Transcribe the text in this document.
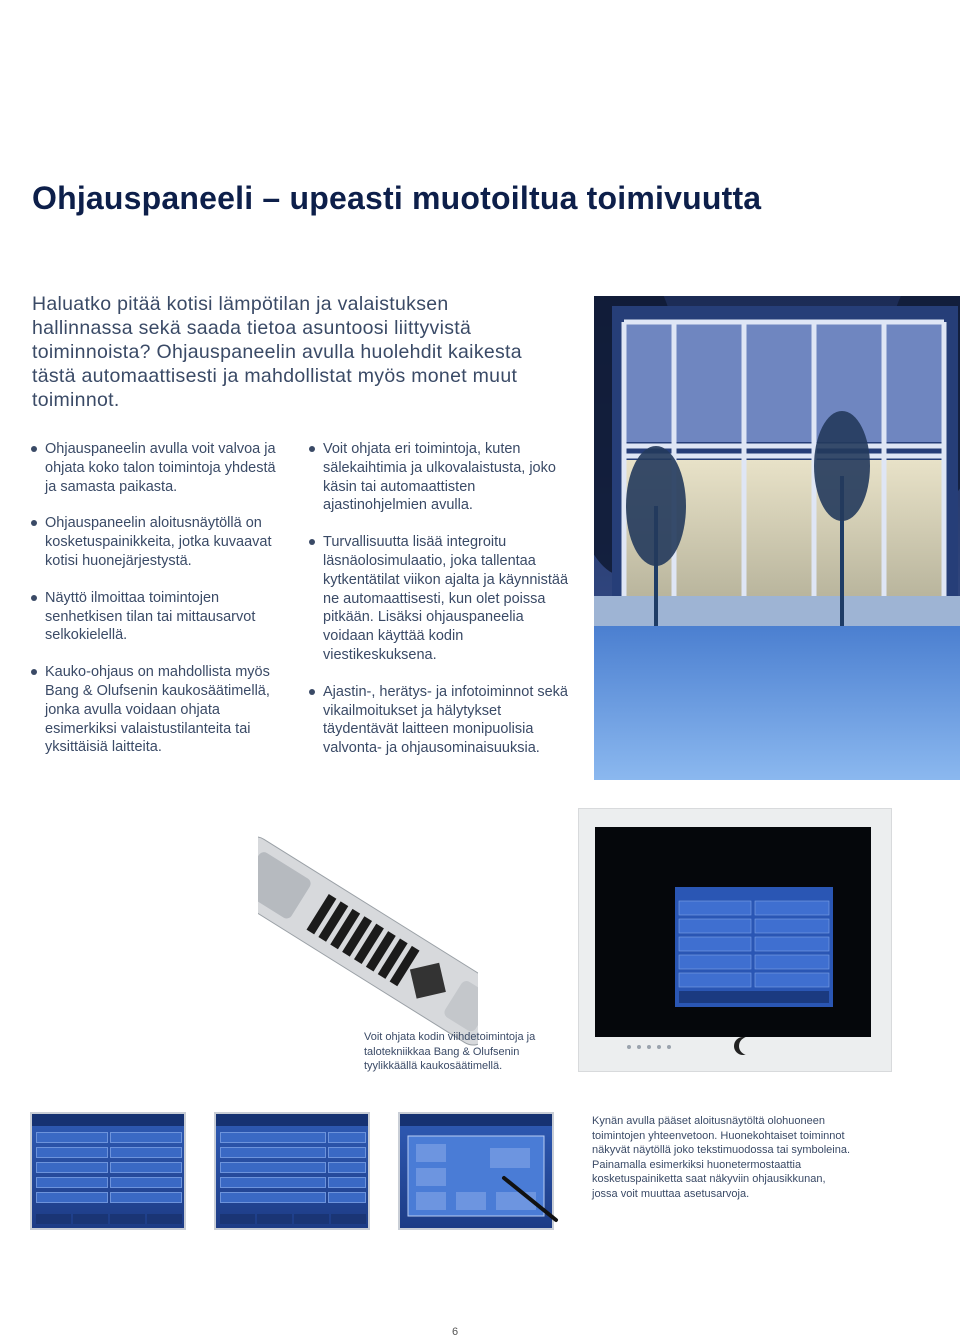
Ohjauspaneeli – upeasti muotoiltua toimivuutta
Haluatko pitää kotisi lämpötilan ja valaistuksen hallinnassa sekä saada tietoa asuntoosi liittyvistä toiminnoista? Ohjauspaneelin avulla huolehdit kaikesta tästä automaattisesti ja mahdollistat myös monet muut toiminnot.
Ohjauspaneelin avulla voit valvoa ja ohjata koko talon toimintoja yhdestä ja samasta paikasta.
Ohjauspaneelin aloitusnäytöllä on kosketuspainikkeita, jotka kuvaavat kotisi huonejärjestystä.
Näyttö ilmoittaa toimintojen senhetkisen tilan tai mittausarvot selkokielellä.
Kauko-ohjaus on mahdollista myös Bang & Olufsenin kaukosäätimellä, jonka avulla voidaan ohjata esimerkiksi valaistustilanteita tai yksittäisiä laitteita.
Voit ohjata eri toimintoja, kuten sälekaihtimia ja ulkovalaistusta, joko käsin tai automaattisten ajastinohjelmien avulla.
Turvallisuutta lisää integroitu läsnäolosimulaatio, joka tallentaa kytkentätilat viikon ajalta ja käynnistää ne automaattisesti, kun olet poissa pitkään. Lisäksi ohjauspaneelia voidaan käyttää kodin viestikeskuksena.
Ajastin-, herätys- ja infotoiminnot sekä vikailmoitukset ja hälytykset täydentävät laitteen monipuolisia valvonta- ja ohjausominaisuuksia.
Voit ohjata kodin viihdetoimintoja ja talotekniikkaa Bang & Olufsenin tyylikkäällä kaukosäätimellä.
Kynän avulla pääset aloitusnäytöltä olohuoneen toimintojen yhteenvetoon. Huonekohtaiset toiminnot näkyvät näytöllä joko tekstimuodossa tai symboleina. Painamalla esimerkiksi huonetermostaattia kosketuspainiketta saat näkyviin ohjausikkunan, jossa voit muuttaa asetusarvoja.
6
